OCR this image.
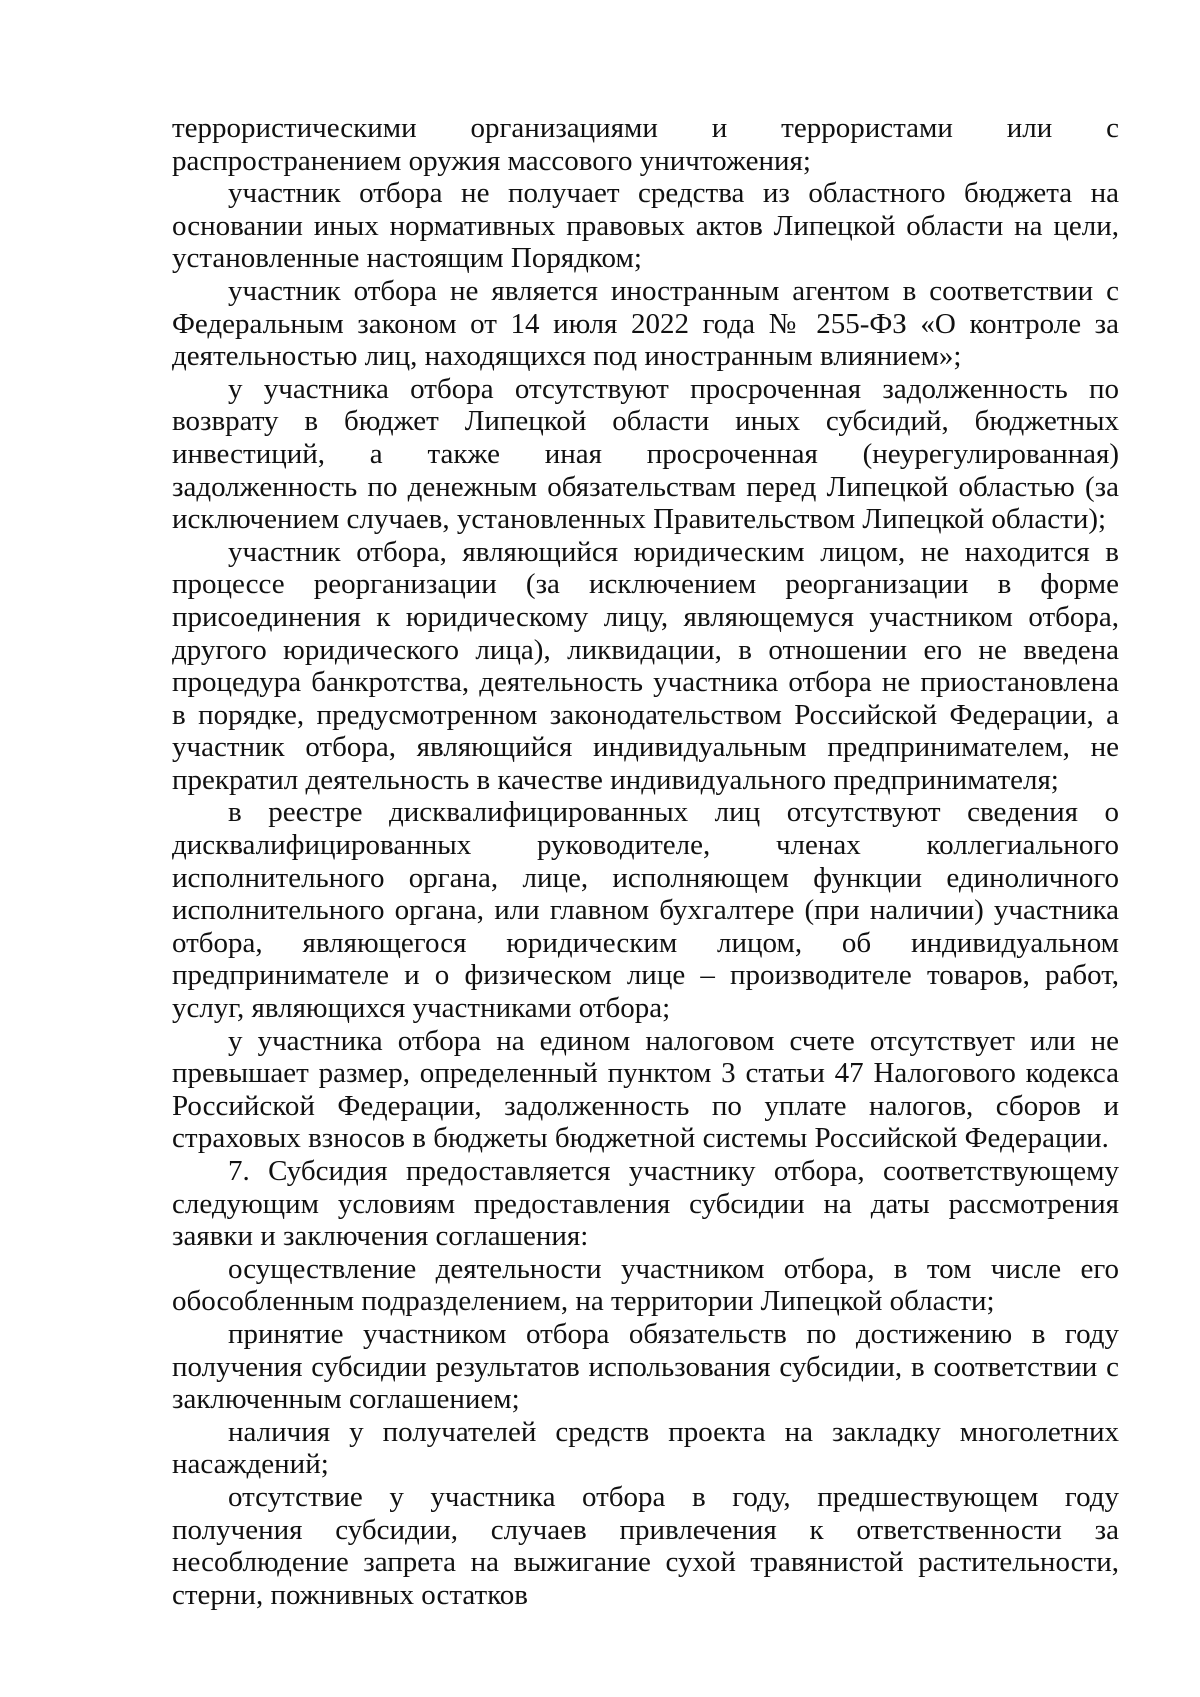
террористическими организациями и террористами или с распространением оружия массового уничтожения;

участник отбора не получает средства из областного бюджета на основании иных нормативных правовых актов Липецкой области на цели, установленные настоящим Порядком;

участник отбора не является иностранным агентом в соответствии с Федеральным законом от 14 июля 2022 года № 255-ФЗ «О контроле за деятельностью лиц, находящихся под иностранным влиянием»;

у участника отбора отсутствуют просроченная задолженность по возврату в бюджет Липецкой области иных субсидий, бюджетных инвестиций, а также иная просроченная (неурегулированная) задолженность по денежным обязательствам перед Липецкой областью (за исключением случаев, установленных Правительством Липецкой области);

участник отбора, являющийся юридическим лицом, не находится в процессе реорганизации (за исключением реорганизации в форме присоединения к юридическому лицу, являющемуся участником отбора, другого юридического лица), ликвидации, в отношении его не введена процедура банкротства, деятельность участника отбора не приостановлена в порядке, предусмотренном законодательством Российской Федерации, а участник отбора, являющийся индивидуальным предпринимателем, не прекратил деятельность в качестве индивидуального предпринимателя;

в реестре дисквалифицированных лиц отсутствуют сведения о дисквалифицированных руководителе, членах коллегиального исполнительного органа, лице, исполняющем функции единоличного исполнительного органа, или главном бухгалтере (при наличии) участника отбора, являющегося юридическим лицом, об индивидуальном предпринимателе и о физическом лице – производителе товаров, работ, услуг, являющихся участниками отбора;

у участника отбора на едином налоговом счете отсутствует или не превышает размер, определенный пунктом 3 статьи 47 Налогового кодекса Российской Федерации, задолженность по уплате налогов, сборов и страховых взносов в бюджеты бюджетной системы Российской Федерации.

7. Субсидия предоставляется участнику отбора, соответствующему следующим условиям предоставления субсидии на даты рассмотрения заявки и заключения соглашения:

осуществление деятельности участником отбора, в том числе его обособленным подразделением, на территории Липецкой области;

принятие участником отбора обязательств по достижению в году получения субсидии результатов использования субсидии, в соответствии с заключенным соглашением;

наличия у получателей средств проекта на закладку многолетних насаждений;

отсутствие у участника отбора в году, предшествующем году получения субсидии, случаев привлечения к ответственности за несоблюдение запрета на выжигание сухой травянистой растительности, стерни, пожнивных остатков
